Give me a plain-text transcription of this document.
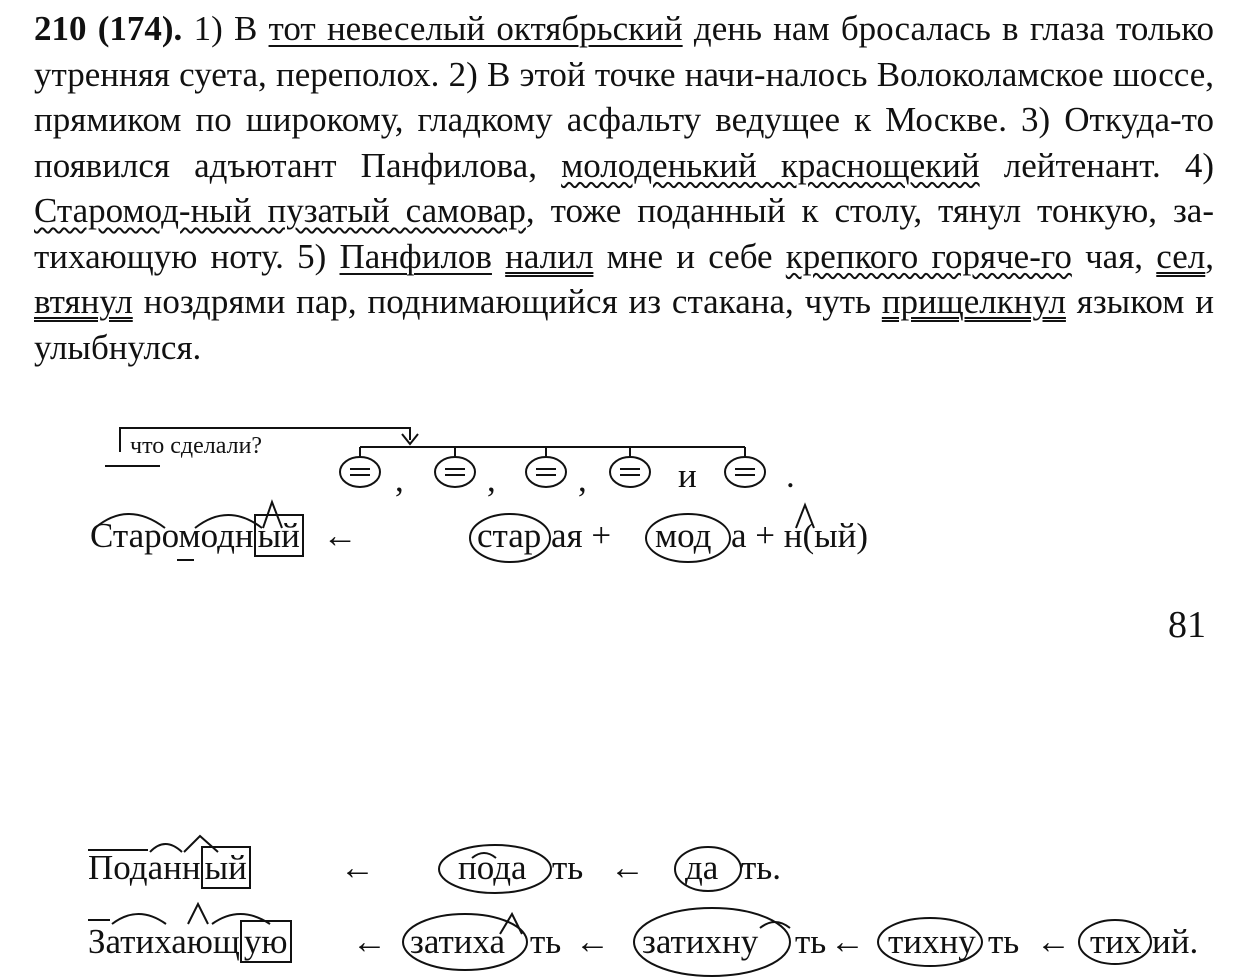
210 (174). 1) В тот невеселый октябрьский день нам бросалась в глаза только утренняя суета, переполох. 2) В этой точке начи-налось Волоколамское шоссе, прямиком по широкому, гладкому асфальту ведущее к Москве. 3) Откуда-то появился адъютант Панфилова, молоденький краснощекий лейтенант. 4) Старомод-ный пузатый самовар, тоже поданный к столу, тянул тонкую, за-тихающую ноту. 5) Панфилов налил мне и себе крепкого горяче-го чая, сел, втянул ноздрями пар, поднимающийся из стакана, чуть прищелкнул языком и улыбнулся.
что сделали?
, , ,	и	.
Старомодн ый ←	стар ая + мод а + н(ый)
81
Поданн ый	← пода ть ← да ть.
Затихающ ую ← затиха ть ← затихну ть ← тихну ть ← тих ий.
